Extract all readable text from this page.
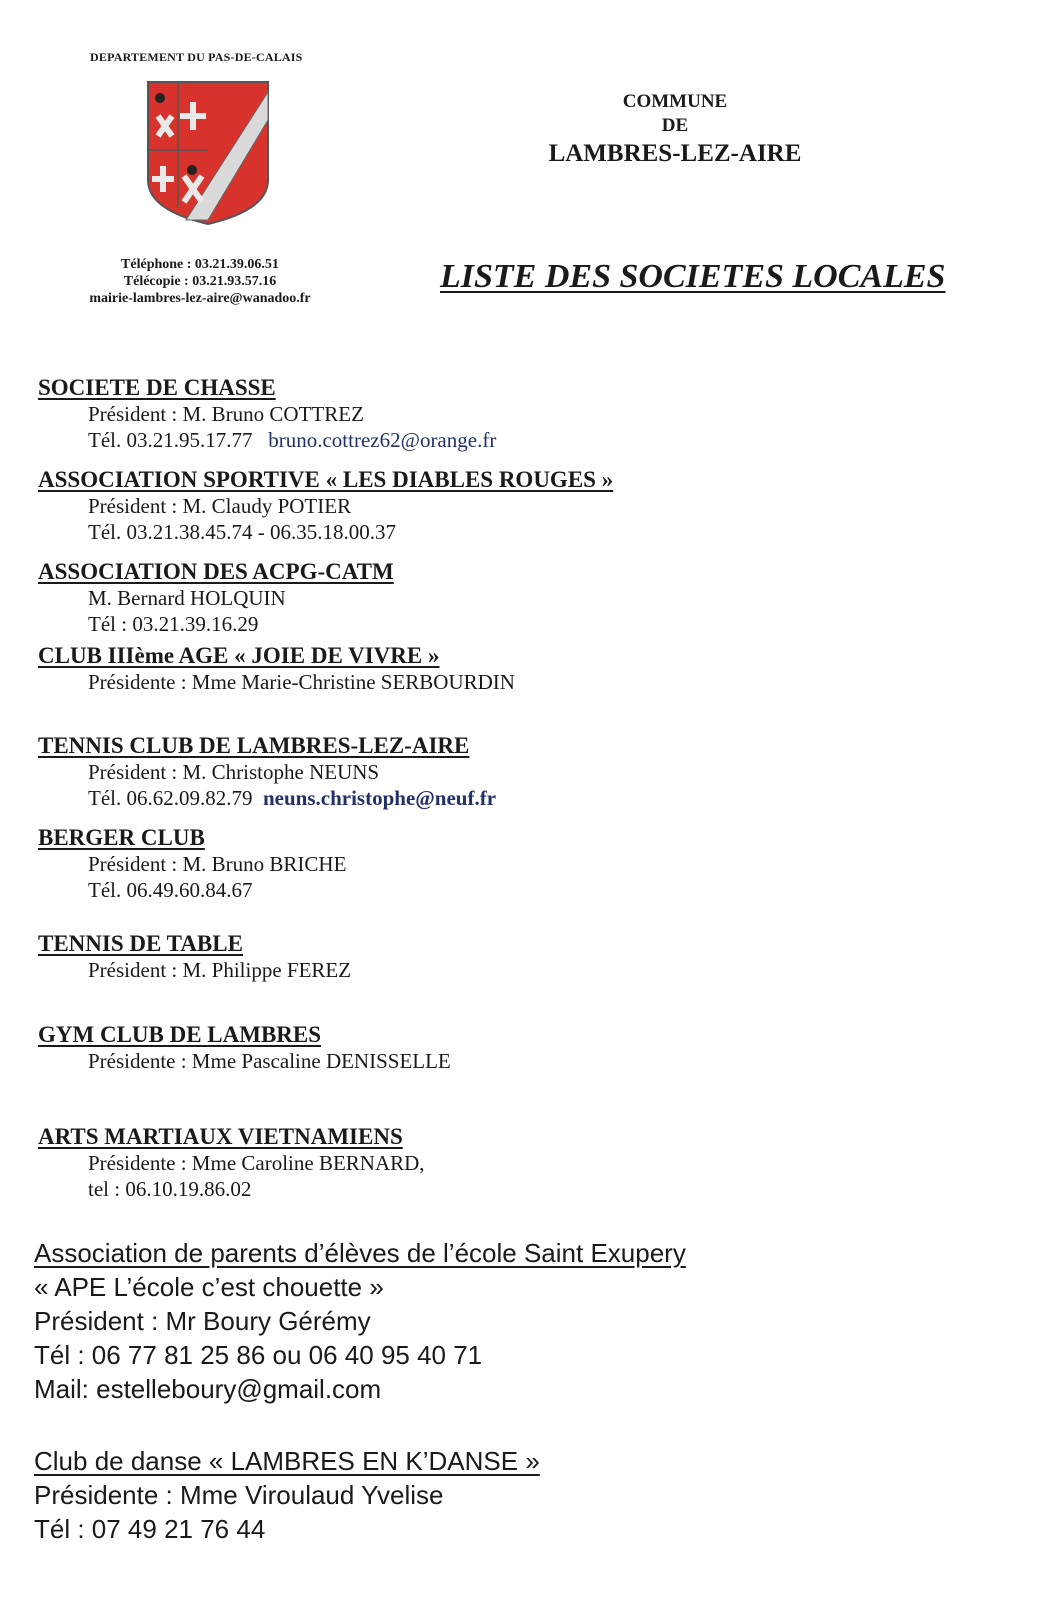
DEPARTEMENT DU PAS-DE-CALAIS
Téléphone : 03.21.39.06.51
Télécopie : 03.21.93.57.16
mairie-lambres-lez-aire@wanadoo.fr
COMMUNE
DE
LAMBRES-LEZ-AIRE
LISTE DES SOCIETES LOCALES
SOCIETE DE CHASSE
Président : M. Bruno COTTREZ
Tél. 03.21.95.17.77 bruno.cottrez62@orange.fr
ASSOCIATION SPORTIVE « LES DIABLES ROUGES »
Président : M. Claudy POTIER
Tél. 03.21.38.45.74 - 06.35.18.00.37
ASSOCIATION DES ACPG-CATM
M. Bernard HOLQUIN
Tél : 03.21.39.16.29
CLUB IIIème AGE « JOIE DE VIVRE »
Présidente : Mme Marie-Christine SERBOURDIN
TENNIS CLUB DE LAMBRES-LEZ-AIRE
Président : M. Christophe NEUNS
Tél. 06.62.09.82.79 neuns.christophe@neuf.fr
BERGER CLUB
Président : M. Bruno BRICHE
Tél. 06.49.60.84.67
TENNIS DE TABLE
Président : M. Philippe FEREZ
GYM CLUB DE LAMBRES
Présidente : Mme Pascaline DENISSELLE
ARTS MARTIAUX VIETNAMIENS
Présidente : Mme Caroline BERNARD,
tel : 06.10.19.86.02
Association de parents d’élèves de l’école Saint Exupery
« APE L’école c’est chouette »
Président : Mr Boury Gérémy
Tél : 06 77 81 25 86 ou 06 40 95 40 71
Mail: estelleboury@gmail.com
Club de danse « LAMBRES EN K’DANSE »
Présidente : Mme Viroulaud Yvelise
Tél : 07 49 21 76 44
